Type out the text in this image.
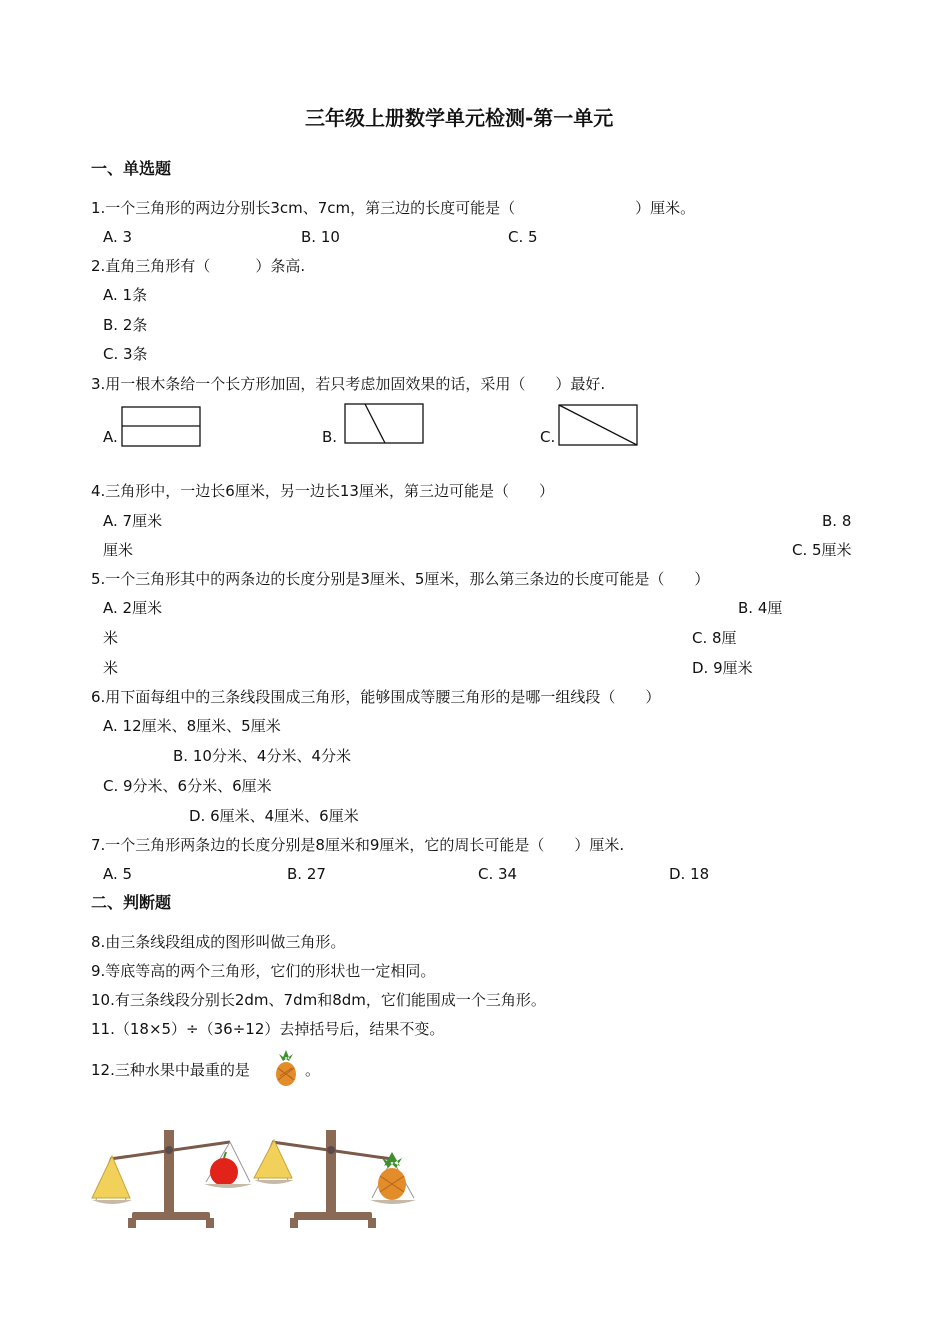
三年级上册数学单元检测-第一单元
一、单选题
1.一个三角形的两边分别长3cm、7cm，第三边的长度可能是（　　　　　　　　）厘米。
A. 3	B. 10	C. 5
2.直角三角形有（　　　）条高.
A. 1条
B. 2条
C. 3条
3.用一根木条给一个长方形加固，若只考虑加固效果的话，采用（　　）最好.
A.	B.	C.
4.三角形中，一边长6厘米，另一边长13厘米，第三边可能是（　　）
A. 7厘米	B. 8
厘米	C. 5厘米
5.一个三角形其中的两条边的长度分别是3厘米、5厘米，那么第三条边的长度可能是（　　）
A. 2厘米	B. 4厘
米	C. 8厘
米	D. 9厘米
6.用下面每组中的三条线段围成三角形，能够围成等腰三角形的是哪一组线段（　　）
A. 12厘米、8厘米、5厘米
B. 10分米、4分米、4分米
C. 9分米、6分米、6厘米
D. 6厘米、4厘米、6厘米
7.一个三角形两条边的长度分别是8厘米和9厘米，它的周长可能是（　　）厘米.
A. 5	B. 27	C. 34	D. 18
二、判断题
8.由三条线段组成的图形叫做三角形。
9.等底等高的两个三角形，它们的形状也一定相同。
10.有三条线段分别长2dm、7dm和8dm，它们能围成一个三角形。
11.（18×5）÷（36÷12）去掉括号后，结果不变。
12.三种水果中最重的是	。
